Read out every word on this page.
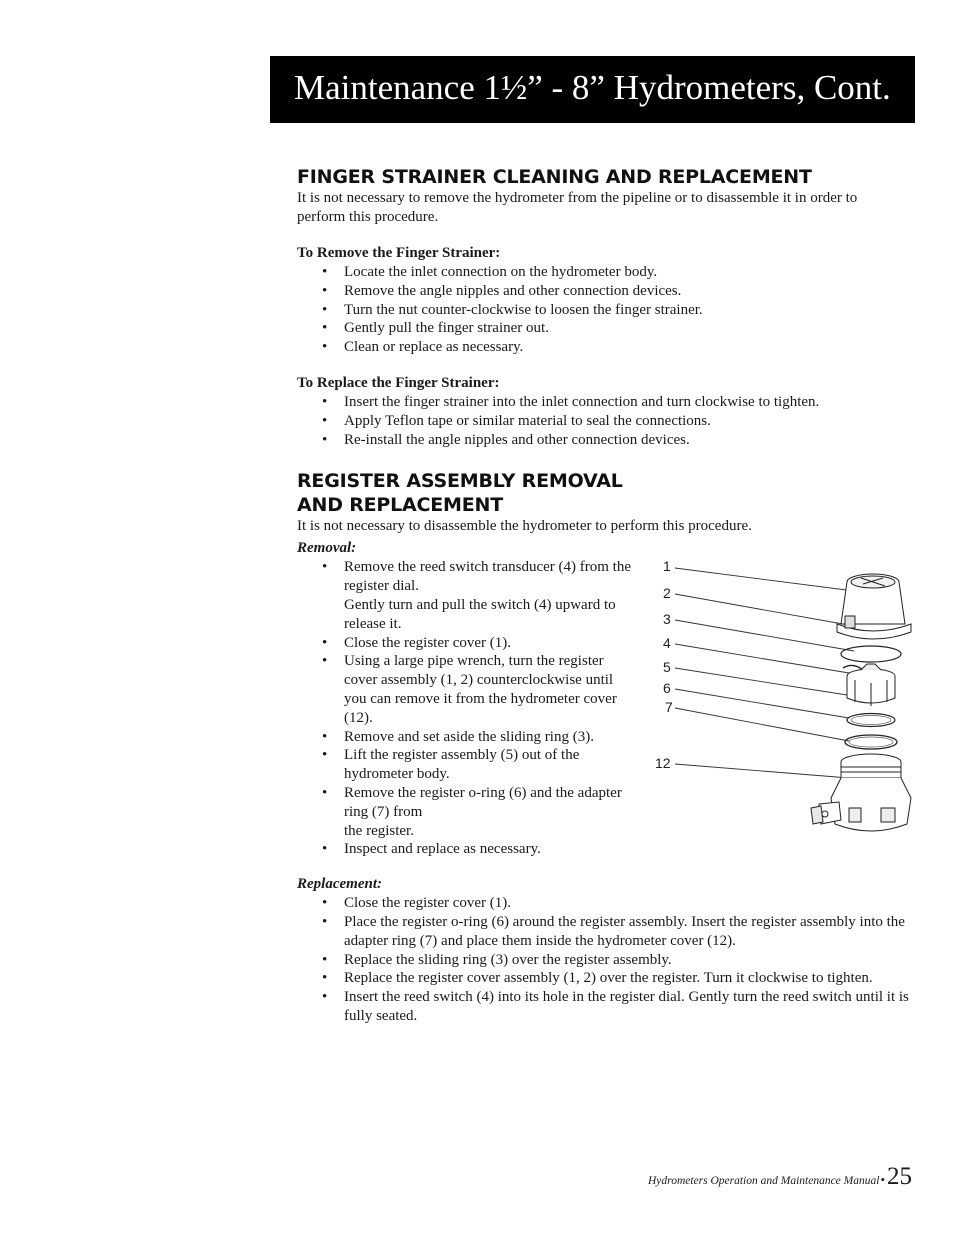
Maintenance 1½” - 8” Hydrometers, Cont.
FINGER STRAINER CLEANING AND REPLACEMENT

It is not necessary to remove the hydrometer from the pipeline or to disassemble it in order to perform this procedure.

To Remove the Finger Strainer:

• Locate the inlet connection on the hydrometer body.
• Remove the angle nipples and other connection devices.
• Turn the nut counter-clockwise to loosen the finger strainer.
• Gently pull the finger strainer out.
• Clean or replace as necessary.

To Replace the Finger Strainer:

• Insert the finger strainer into the inlet connection and turn clockwise to tighten.
• Apply Teflon tape or similar material to seal the connections.
• Re-install the angle nipples and other connection devices.
REGISTER ASSEMBLY REMOVAL
AND REPLACEMENT

It is not necessary to disassemble the hydrometer to perform this procedure.

Removal:

• Remove the reed switch transducer (4) from the register dial.
Gently turn and pull the switch (4) upward to release it.
• Close the register cover (1).
• Using a large pipe wrench, turn the register cover assembly (1, 2) counterclockwise until you can remove it from the hydrometer cover (12).
• Remove and set aside the sliding ring (3).
• Lift the register assembly (5) out of the hydrometer body.
• Remove the register o-ring (6) and the adapter ring (7) from
the register.
• Inspect and replace as necessary.
1
2
3
4
5
6
7
12

Replacement:

• Close the register cover (1).
• Place the register o-ring (6) around the register assembly. Insert the register assembly into the adapter ring (7) and place them inside the hydrometer cover (12).
• Replace the sliding ring (3) over the register assembly.
• Replace the register cover assembly (1, 2) over the register. Turn it clockwise to tighten.
• Insert the reed switch (4) into its hole in the register dial. Gently turn the reed switch until it is fully seated.
Hydrometers Operation and Maintenance Manual•25
